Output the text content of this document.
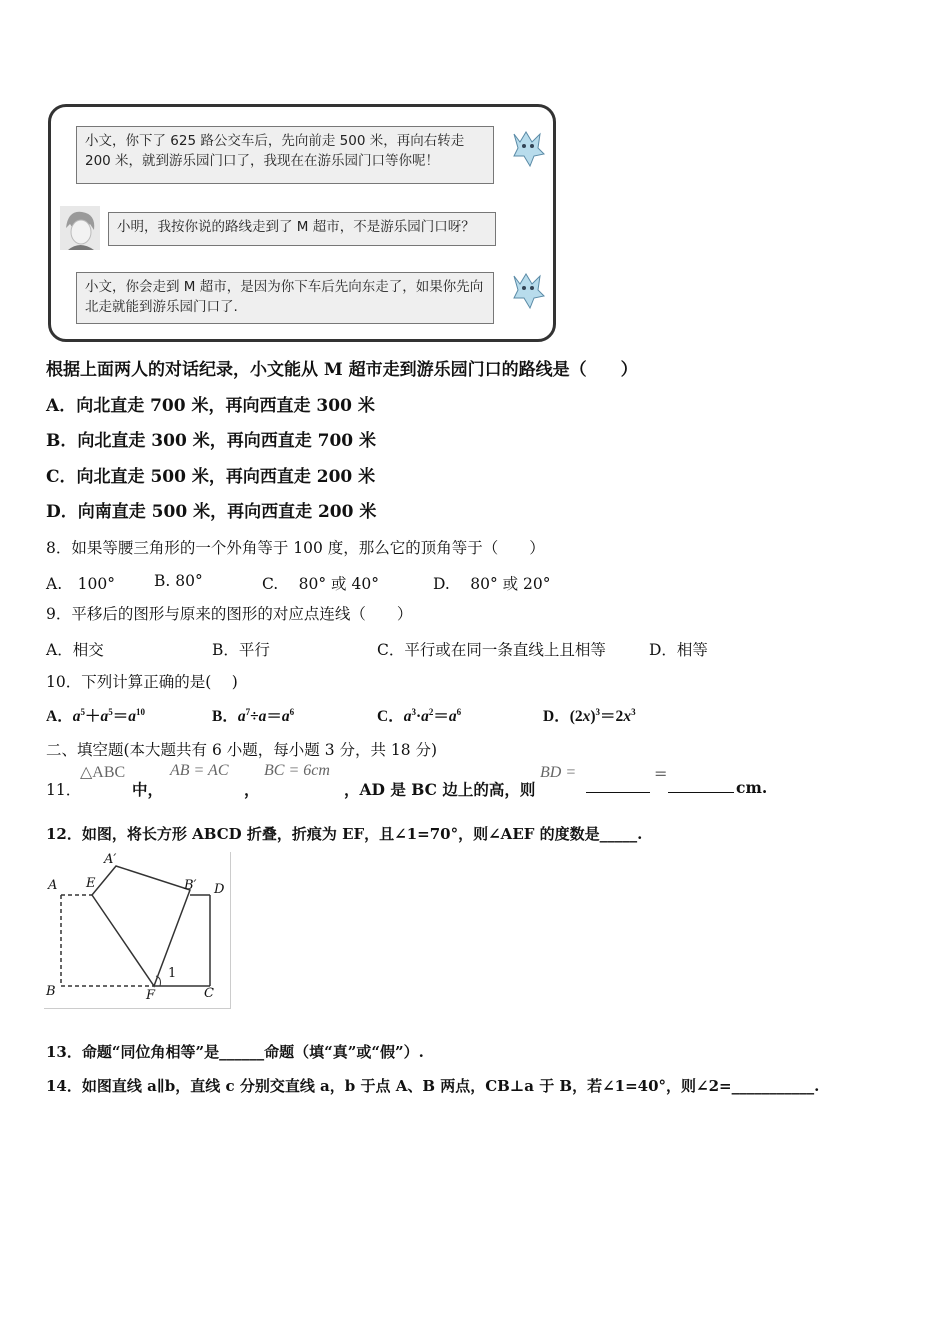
小文，你下了 625 路公交车后，先向前走 500 米，再向右转走 200 米，就到游乐园门口了，我现在在游乐园门口等你呢！
小明，我按你说的路线走到了 M 超市，不是游乐园门口呀？
小文，你会走到 M 超市，是因为你下车后先向东走了，如果你先向北走就能到游乐园门口了.
根据上面两人的对话纪录，小文能从 M 超市走到游乐园门口的路线是（　　）
A．向北直走 700 米，再向西直走 300 米
B．向北直走 300 米，再向西直走 700 米
C．向北直走 500 米，再向西直走 200 米
D．向南直走 500 米，再向西直走 200 米
8．如果等腰三角形的一个外角等于 100 度，那么它的顶角等于（　　）
A.　100°	B. 80°	C.　 80° 或 40°	D.　 80° 或 20°
9．平移后的图形与原来的图形的对应点连线（　　）
A．相交	B．平行	C．平行或在同一条直线上且相等	D．相等
10．下列计算正确的是(　 )
A．$a^5+a^5=a^{10}$	B．$a^7\div a=a^6$	C．$a^3\cdot a^2=a^6$	D．$(2x)^3=2x^3$
二、填空题(本大题共有 6 小题，每小题 3 分，共 18 分)
11．
△ABC
中，
AB = AC
，
BC = 6cm
，AD 是 BC 边上的高，则
BD =	=
cm.
12．如图，将长方形 ABCD 折叠，折痕为 EF，且∠1=70°，则∠AEF 的度数是_____.
A E
A′
B′ D
B	F	C
1
13．命题“同位角相等”是______命题（填“真”或“假”）.
14．如图直线 a∥b，直线 c 分别交直线 a，b 于点 A、B 两点，CB⊥a 于 B，若∠1=40°，则∠2=___________.
